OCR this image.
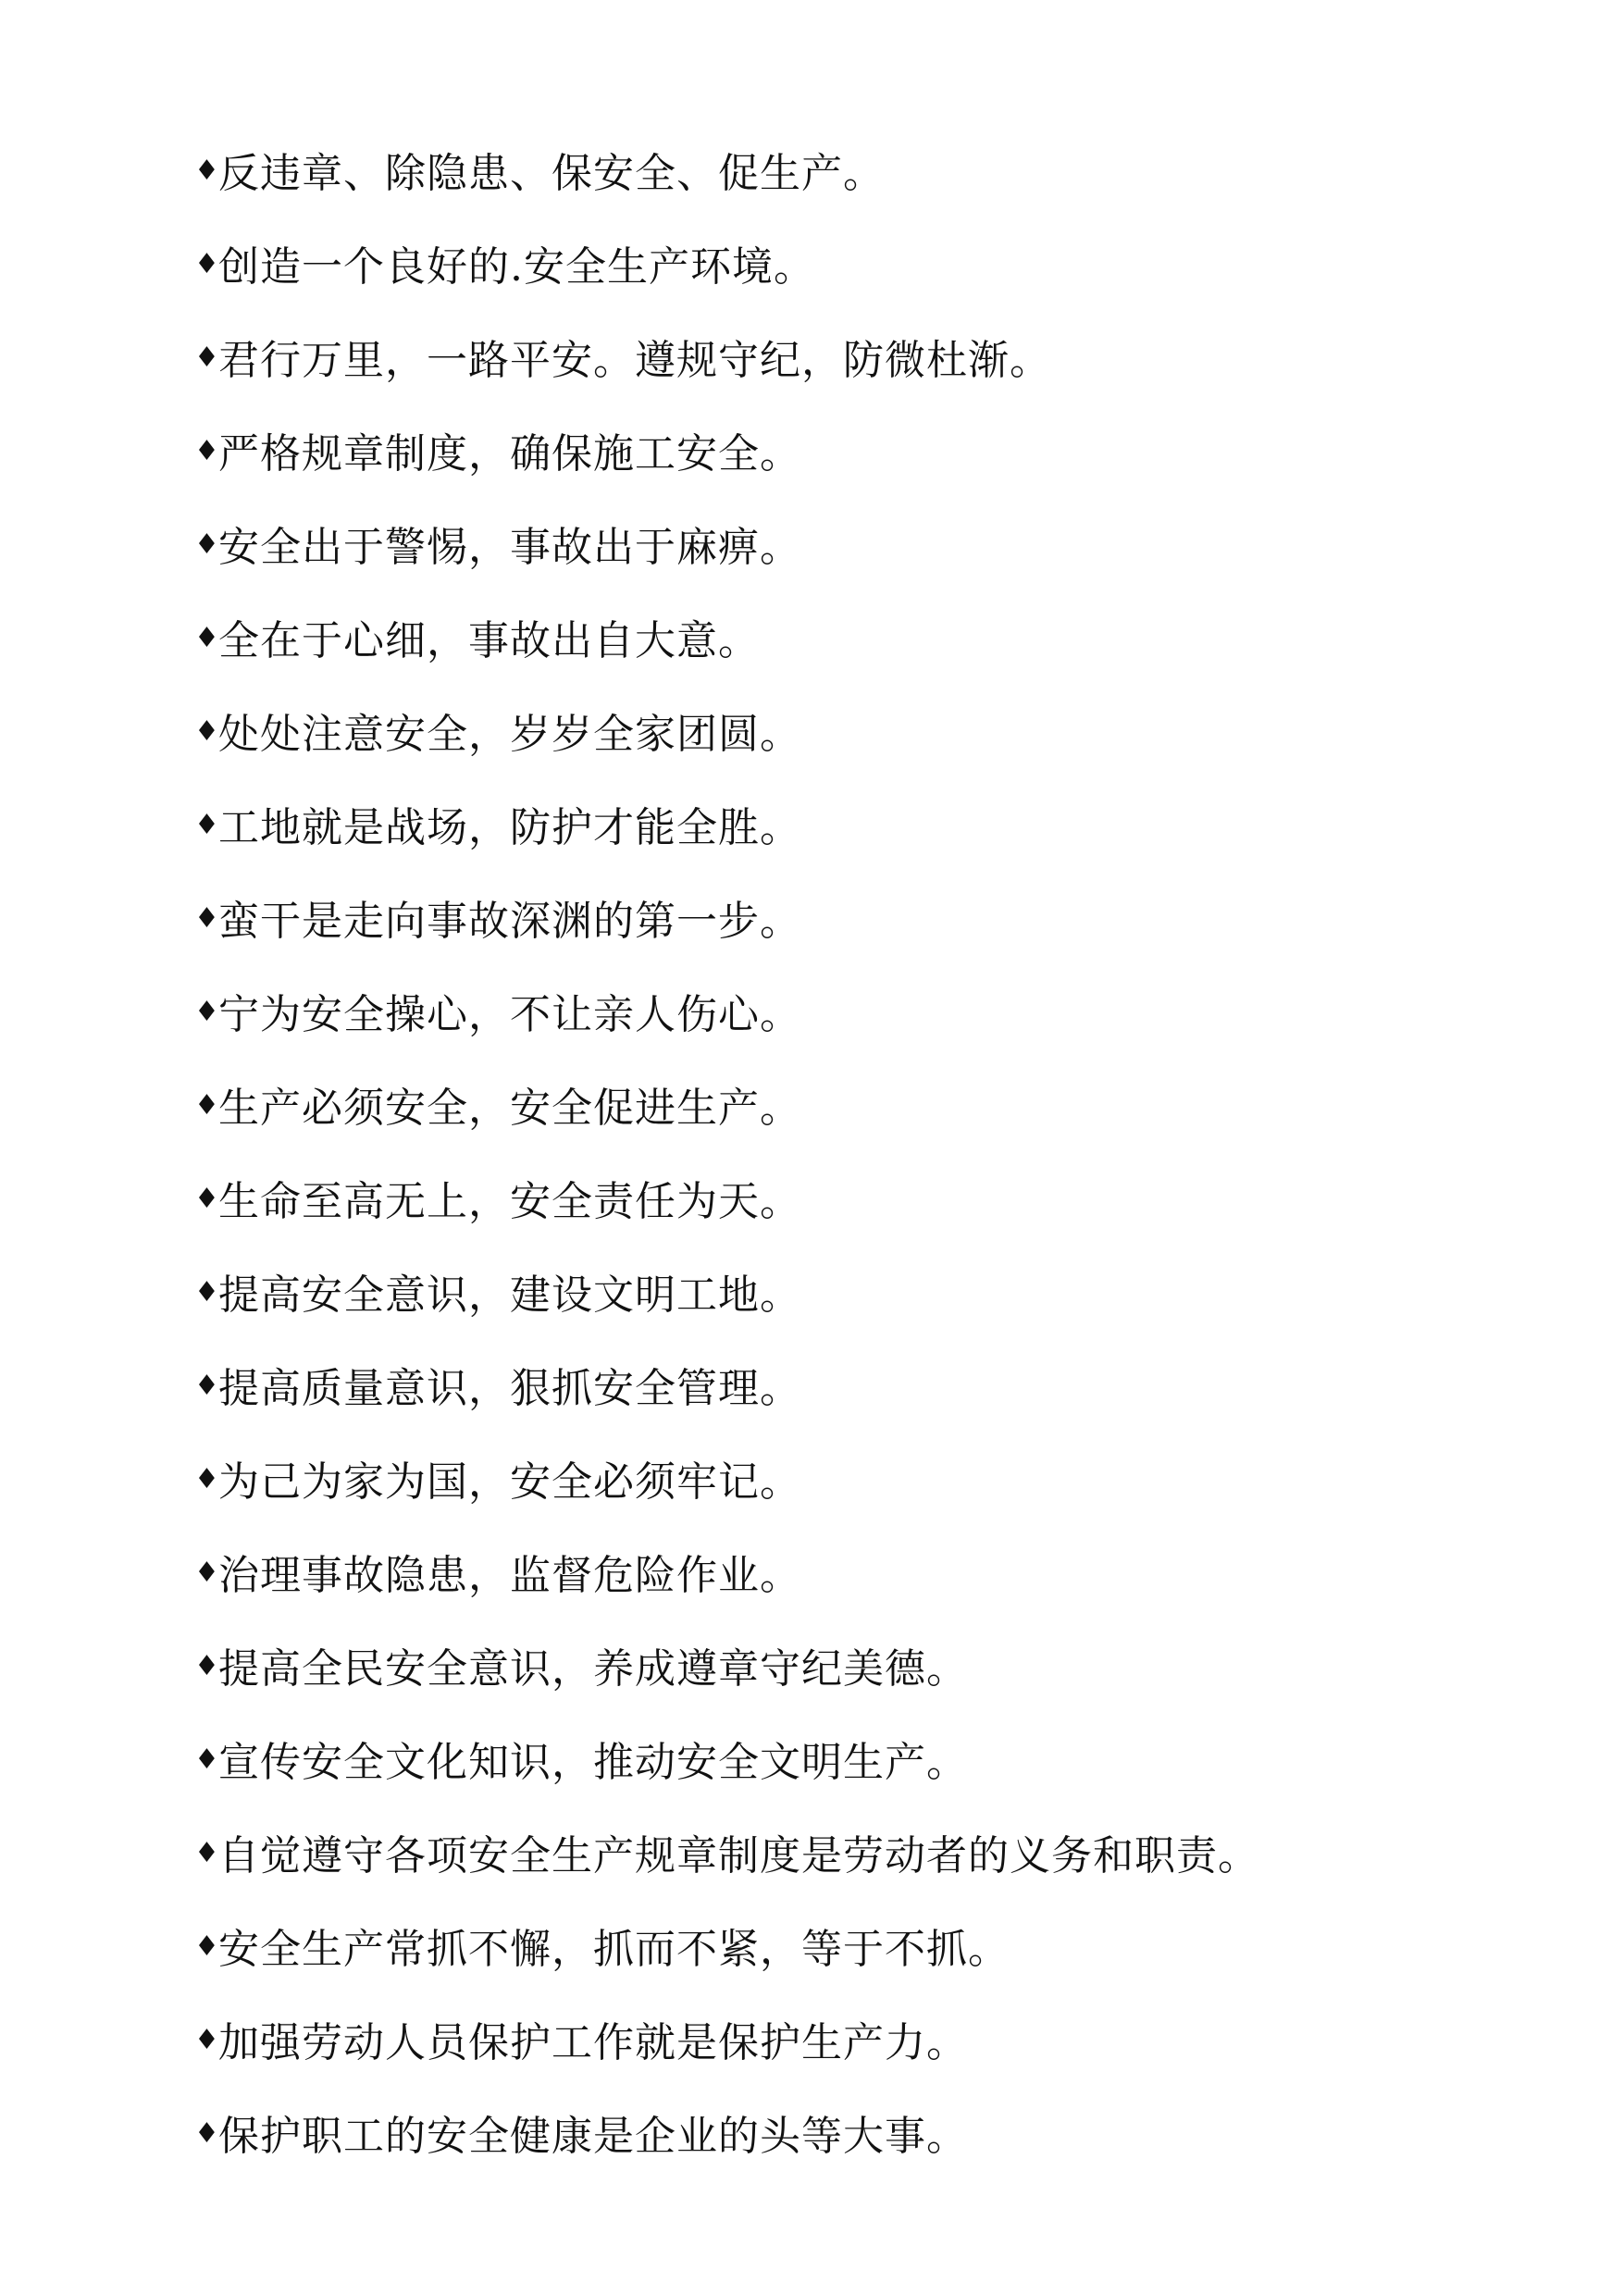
♦
反违章、除隐患、保安全、促生产。
♦
创造一个良好的.安全生产环境。
♦
君行万里，一路平安。遵规守纪，防微杜渐。
♦
严格规章制度，确保施工安全。
♦
安全出于警惕，事故出于麻痹。
♦
全在于心细，事故出自大意。
♦
处处注意安全，岁岁全家团圆。
♦
工地就是战场，防护才能全胜。
♦
蛮干是走向事故深渊的第一步。
♦
宁为安全操心，不让亲人伤心。
♦
生产必须安全，安全促进生产。
♦
生命至高无上，安全责任为天。
♦
提高安全意识，建设文明工地。
♦
提高质量意识，狠抓安全管理。
♦
为己为家为国，安全必须牢记。
♦
治理事故隐患，监督危险作业。
♦
提高全民安全意识，养成遵章守纪美德。
♦
宣传安全文化知识，推动安全文明生产。
♦
自觉遵守各项安全生产规章制度是劳动者的义务和职责。
♦
安全生产常抓不懈，抓而不紧，等于不抓。
♦
加强劳动人员保护工作就是保护生产力。
♦
保护职工的安全健康是企业的头等大事。
